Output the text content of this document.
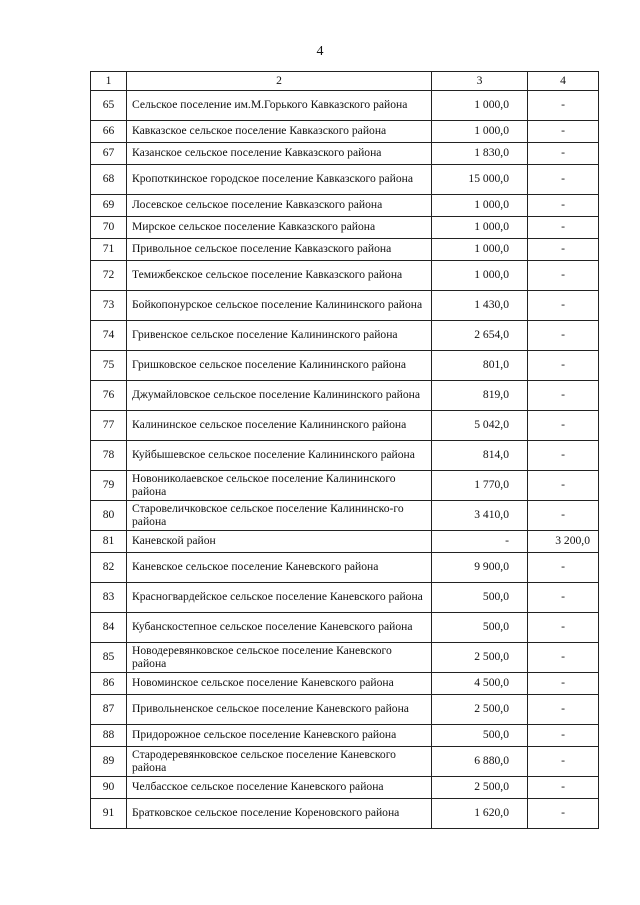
4
1	2	3	4
65	Сельское поселение им.М.Горького Кавказского района	1 000,0	-
66	Кавказское сельское поселение Кавказского района	1 000,0	-
67	Казанское сельское поселение Кавказского района	1 830,0	-
68	Кропоткинское городское поселение Кавказского района	15 000,0	-
69	Лосевское сельское поселение Кавказского района	1 000,0	-
70	Мирское сельское поселение Кавказского района	1 000,0	-
71	Привольное сельское поселение Кавказского района	1 000,0	-
72	Темижбекское сельское поселение Кавказского района	1 000,0	-
73	Бойкопонурское сельское поселение Калининского района	1 430,0	-
74	Гривенское сельское поселение Калининского района	2 654,0	-
75	Гришковское сельское поселение Калининского района	801,0	-
76	Джумайловское сельское поселение Калининского района	819,0	-
77	Калининское сельское поселение Калининского района	5 042,0	-
78	Куйбышевское сельское поселение Калининского района	814,0	-
79	Новониколаевское сельское поселение Калининского района	1 770,0	-
80	Старовеличковское сельское поселение Калининско-го района	3 410,0	-
81	Каневской район	-	3 200,0
82	Каневское сельское поселение Каневского района	9 900,0	-
83	Красногвардейское сельское поселение Каневского района	500,0	-
84	Кубанскостепное сельское поселение Каневского района	500,0	-
85	Новодеревянковское сельское поселение Каневского района	2 500,0	-
86	Новоминское сельское поселение Каневского района	4 500,0	-
87	Привольненское сельское поселение Каневского района	2 500,0	-
88	Придорожное сельское поселение Каневского района	500,0	-
89	Стародеревянковское сельское поселение Каневского района	6 880,0	-
90	Челбасское сельское поселение Каневского района	2 500,0	-
91	Братковское сельское поселение Кореновского района	1 620,0	-
